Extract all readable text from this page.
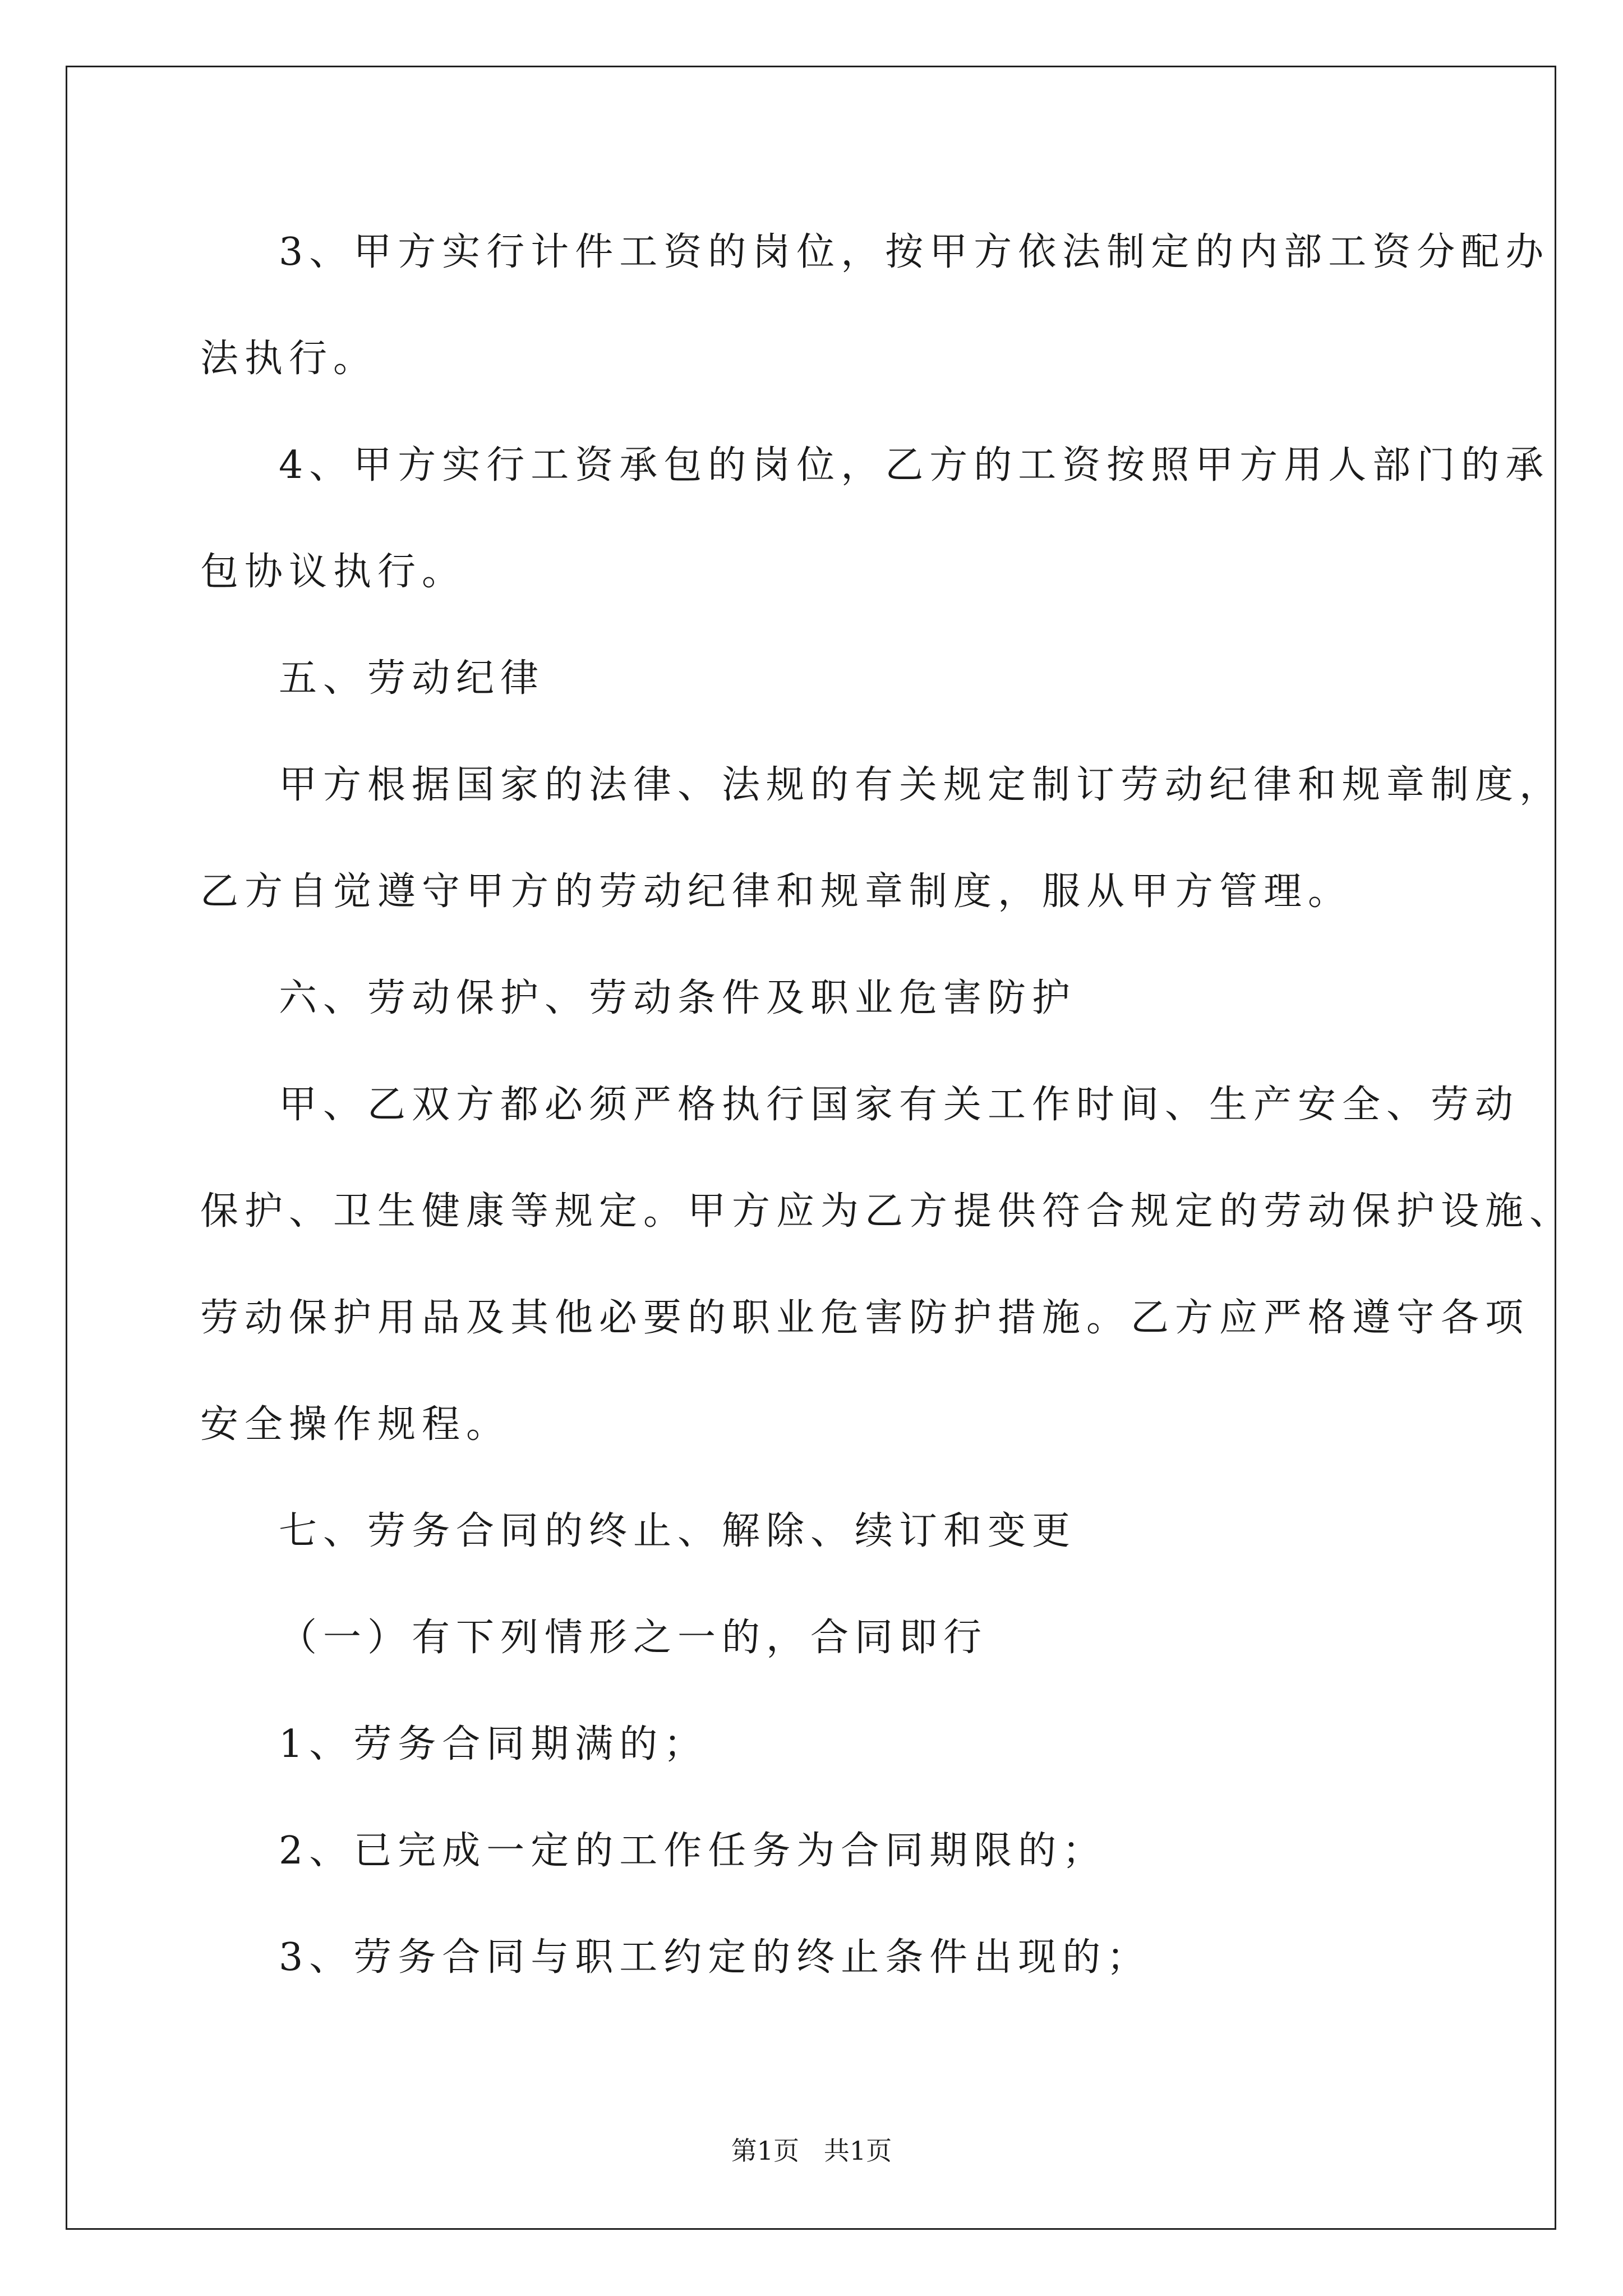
3、甲方实行计件工资的岗位，按甲方依法制定的内部工资分配办
法执行。
4、甲方实行工资承包的岗位，乙方的工资按照甲方用人部门的承
包协议执行。
五、劳动纪律
甲方根据国家的法律、法规的有关规定制订劳动纪律和规章制度，
乙方自觉遵守甲方的劳动纪律和规章制度，服从甲方管理。
六、劳动保护、劳动条件及职业危害防护
甲、乙双方都必须严格执行国家有关工作时间、生产安全、劳动
保护、卫生健康等规定。甲方应为乙方提供符合规定的劳动保护设施、
劳动保护用品及其他必要的职业危害防护措施。乙方应严格遵守各项
安全操作规程。
七、劳务合同的终止、解除、续订和变更
（一）有下列情形之一的，合同即行
1、劳务合同期满的；
2、已完成一定的工作任务为合同期限的；
3、劳务合同与职工约定的终止条件出现的；
第1页   共1页
